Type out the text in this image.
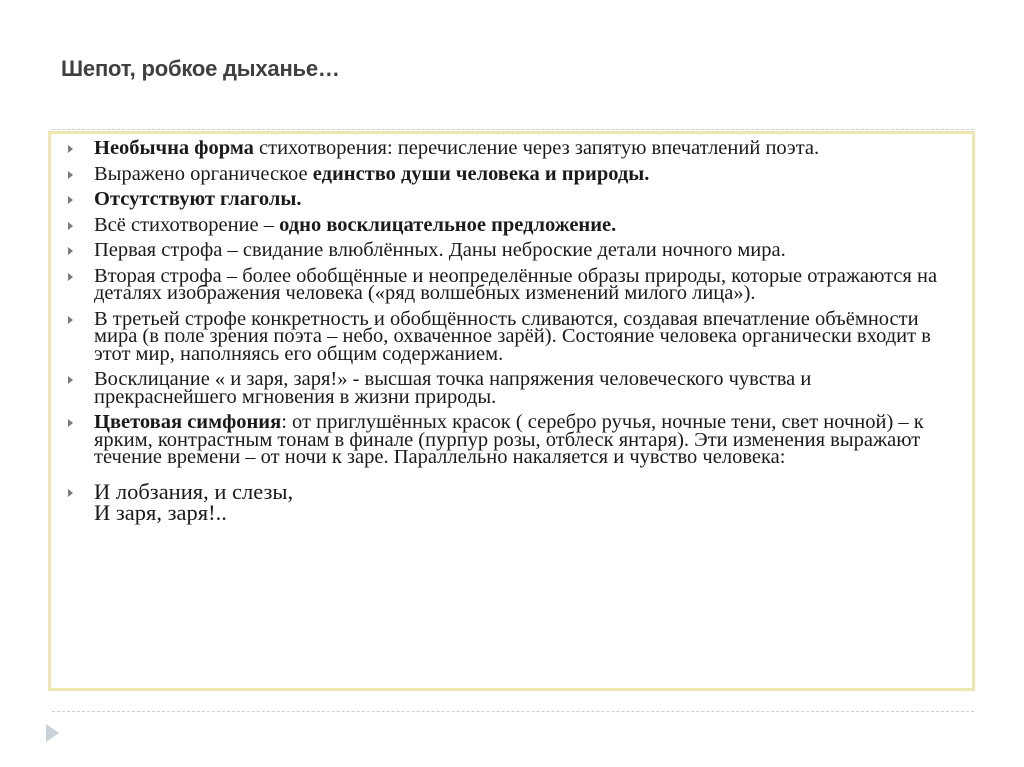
Шепот, робкое дыханье…
Необычна форма стихотворения: перечисление через запятую впечатлений поэта.
Выражено органическое единство души человека и природы.
Отсутствуют глаголы.
Всё стихотворение – одно восклицательное предложение.
Первая строфа – свидание влюблённых. Даны неброские детали ночного мира.
Вторая строфа – более обобщённые и неопределённые образы природы, которые отражаются на деталях изображения человека («ряд волшебных изменений милого лица»).
В третьей строфе конкретность и обобщённость сливаются, создавая впечатление объёмности мира (в поле зрения поэта – небо, охваченное зарёй). Состояние человека органически входит в этот мир, наполняясь его общим содержанием.
Восклицание « и заря, заря!» - высшая точка напряжения человеческого чувства и прекраснейшего мгновения в жизни природы.
Цветовая симфония: от приглушённых красок ( серебро ручья, ночные тени, свет ночной) – к ярким, контрастным тонам в финале (пурпур розы, отблеск янтаря). Эти изменения выражают течение времени – от ночи к заре. Параллельно накаляется и чувство человека:
И лобзания, и слезы,
И заря, заря!..
